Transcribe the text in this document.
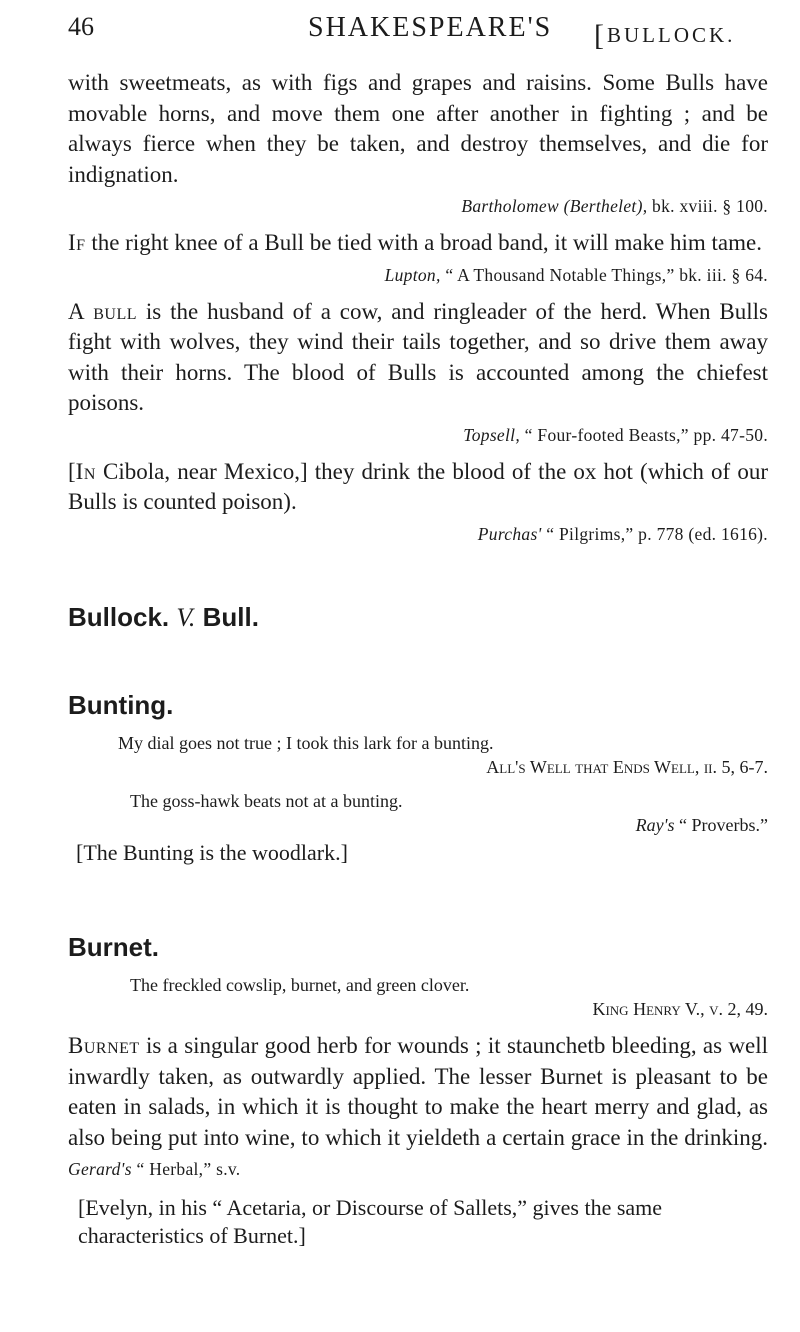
46	SHAKESPEARE'S [BULLOCK.

with sweetmeats, as with figs and grapes and raisins. Some Bulls have movable horns, and move them one after another in fighting ; and be always fierce when they be taken, and destroy themselves, and die for indignation.

Bartholomew (Berthelet), bk. xviii. § 100.

If the right knee of a Bull be tied with a broad band, it will make him tame.

Lupton, “ A Thousand Notable Things,” bk. iii. § 64.

A bull is the husband of a cow, and ringleader of the herd. When Bulls fight with wolves, they wind their tails together, and so drive them away with their horns. The blood of Bulls is accounted among the chiefest poisons.

Topsell, “ Four-footed Beasts,” pp. 47-50.

[In Cibola, near Mexico,] they drink the blood of the ox hot (which of our Bulls is counted poison).

Purchas' “ Pilgrims,” p. 778 (ed. 1616).

Bullock. V. Bull.

Bunting.

My dial goes not true ; I took this lark for a bunting.

All's Well that Ends Well, ii. 5, 6-7.

The goss-hawk beats not at a bunting.

Ray's “ Proverbs.”

[The Bunting is the woodlark.]

Burnet.

The freckled cowslip, burnet, and green clover.

King Henry V., v. 2, 49.

Burnet is a singular good herb for wounds ; it staunchetb bleeding, as well inwardly taken, as outwardly applied. The lesser Burnet is pleasant to be eaten in salads, in which it is thought to make the heart merry and glad, as also being put into wine, to which it yieldeth a certain grace in the drinking. Gerard's “ Herbal,” s.v.

[Evelyn, in his “ Acetaria, or Discourse of Sallets,” gives the same characteristics of Burnet.]
